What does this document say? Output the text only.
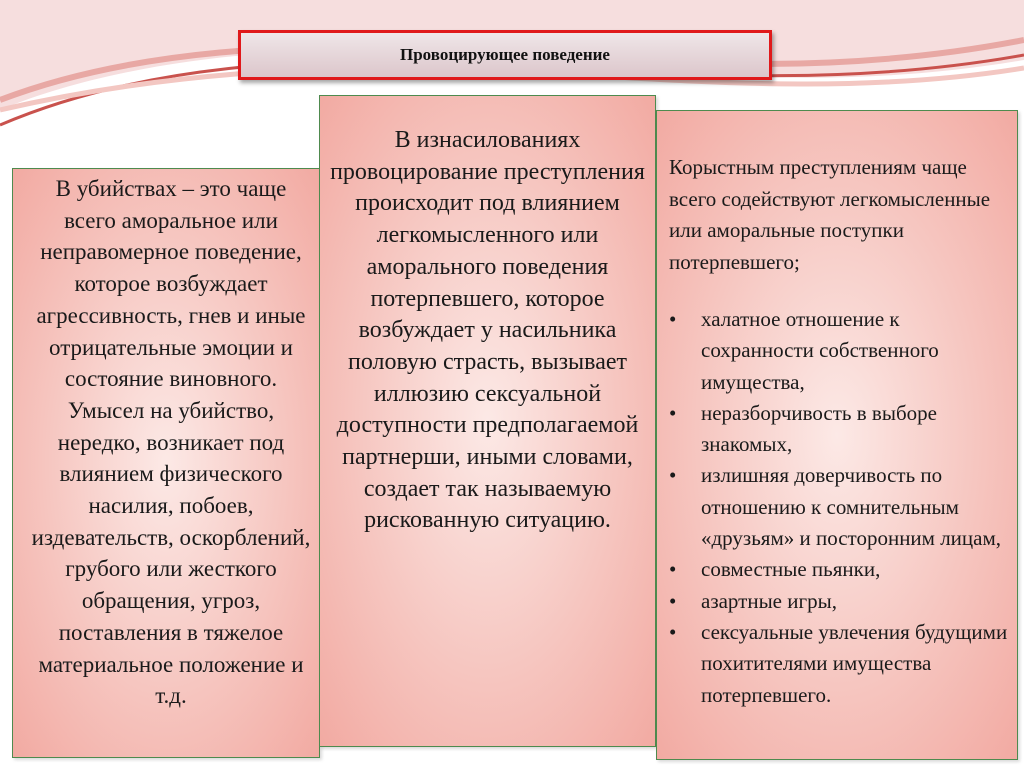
Провоцирующее поведение

В убийствах – это чаще всего аморальное или неправомерное поведение, которое возбуждает агрессивность, гнев и иные отрицательные эмоции и состояние виновного. Умысел на убийство, нередко, возникает под влиянием физического насилия, побоев, издевательств, оскорблений, грубого или жесткого обращения, угроз, поставления в тяжелое материальное положение и т.д.

В изнасилованиях провоцирование преступления происходит под влиянием легкомысленного или аморального поведения потерпевшего, которое возбуждает у насильника половую страсть, вызывает иллюзию сексуальной доступности предполагаемой партнерши, иными словами, создает так называемую рискованную ситуацию.

Корыстным преступлениям чаще всего содействуют легкомысленные или аморальные поступки потерпевшего;

• халатное отношение к сохранности собственного имущества,
• неразборчивость в выборе знакомых,
• излишняя доверчивость по отношению к сомнительным «друзьям» и посторонним лицам,
• совместные пьянки,
• азартные игры,
• сексуальные увлечения будущими похитителями имущества потерпевшего.
